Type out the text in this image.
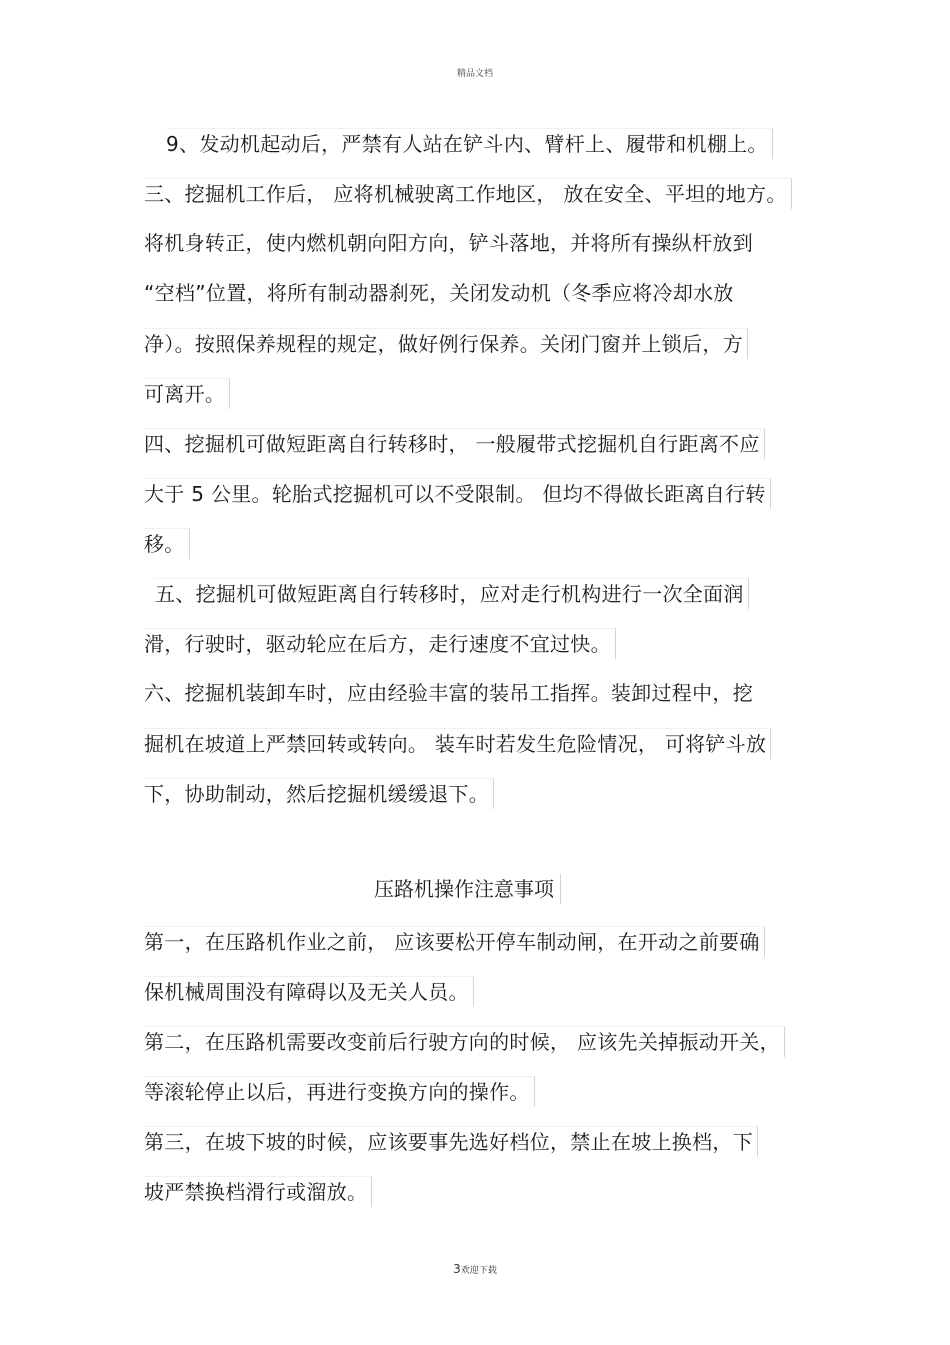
精品文档
9、发动机起动后，严禁有人站在铲斗内、臂杆上、履带和机棚上。
三、挖掘机工作后， 应将机械驶离工作地区， 放在安全、平坦的地方。
将机身转正，使内燃机朝向阳方向，铲斗落地，并将所有操纵杆放到
“空档”位置，将所有制动器刹死，关闭发动机（冬季应将冷却水放
净）。按照保养规程的规定，做好例行保养。关闭门窗并上锁后，方
可离开。
四、挖掘机可做短距离自行转移时， 一般履带式挖掘机自行距离不应
大于 5 公里。轮胎式挖掘机可以不受限制。 但均不得做长距离自行转
移。
五、挖掘机可做短距离自行转移时，应对走行机构进行一次全面润
滑，行驶时，驱动轮应在后方，走行速度不宜过快。
六、挖掘机装卸车时，应由经验丰富的装吊工指挥。装卸过程中，挖
掘机在坡道上严禁回转或转向。 装车时若发生危险情况， 可将铲斗放
下，协助制动，然后挖掘机缓缓退下。
压路机操作注意事项
第一，在压路机作业之前， 应该要松开停车制动闸，在开动之前要确
保机械周围没有障碍以及无关人员。
第二，在压路机需要改变前后行驶方向的时候， 应该先关掉振动开关，
等滚轮停止以后，再进行变换方向的操作。
第三，在坡下坡的时候，应该要事先选好档位，禁止在坡上换档，下
坡严禁换档滑行或溜放。
3欢迎下载
